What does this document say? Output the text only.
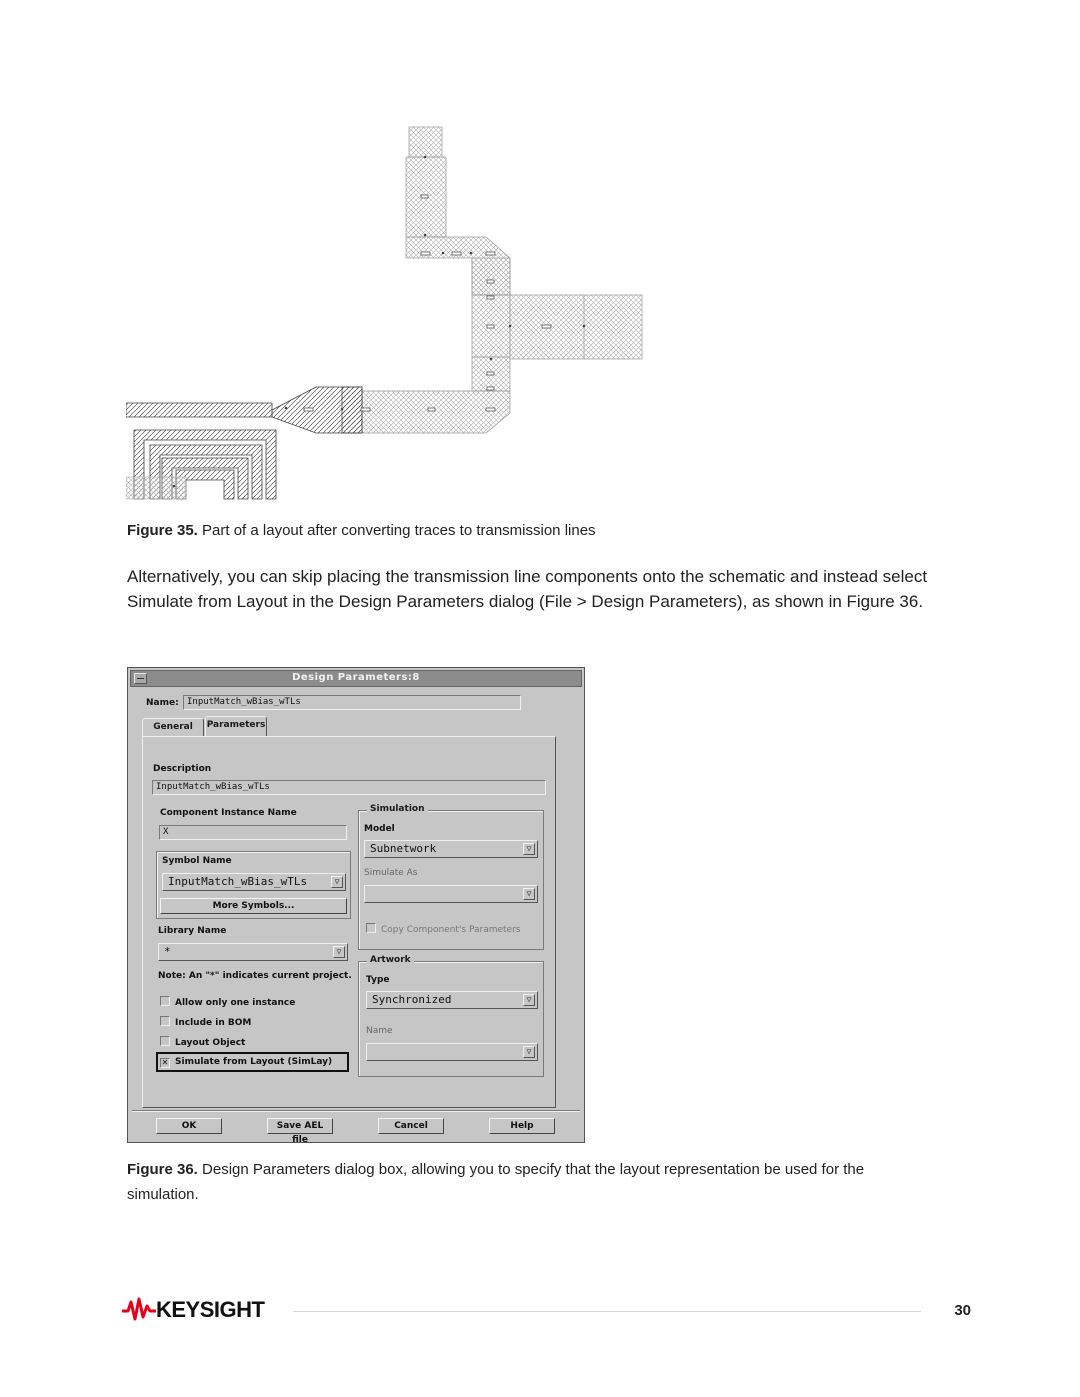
Figure 35. Part of a layout after converting traces to transmission lines
Alternatively, you can skip placing the transmission line components onto the schematic and instead select Simulate from Layout in the Design Parameters dialog (File > Design Parameters), as shown in Figure 36.
Design Parameters:8
Name: InputMatch_wBias_wTLs
General	Parameters
Description
InputMatch_wBias_wTLs
Component Instance Name
X
Symbol Name
InputMatch_wBias_wTLs	▽
More Symbols...
Library Name
*	▽
Note: An "*" indicates current project.
Allow only one instance
Include in BOM
Layout Object
✕ Simulate from Layout (SimLay)
Simulation
Model
Subnetwork	▽
Simulate As
▽
Copy Component's Parameters
Artwork
Type
Synchronized	▽
Name
▽
OK	Save AEL file
Cancel	Help
Figure 36. Design Parameters dialog box, allowing you to specify that the layout representation be used for the simulation.
KEYSIGHT	30
